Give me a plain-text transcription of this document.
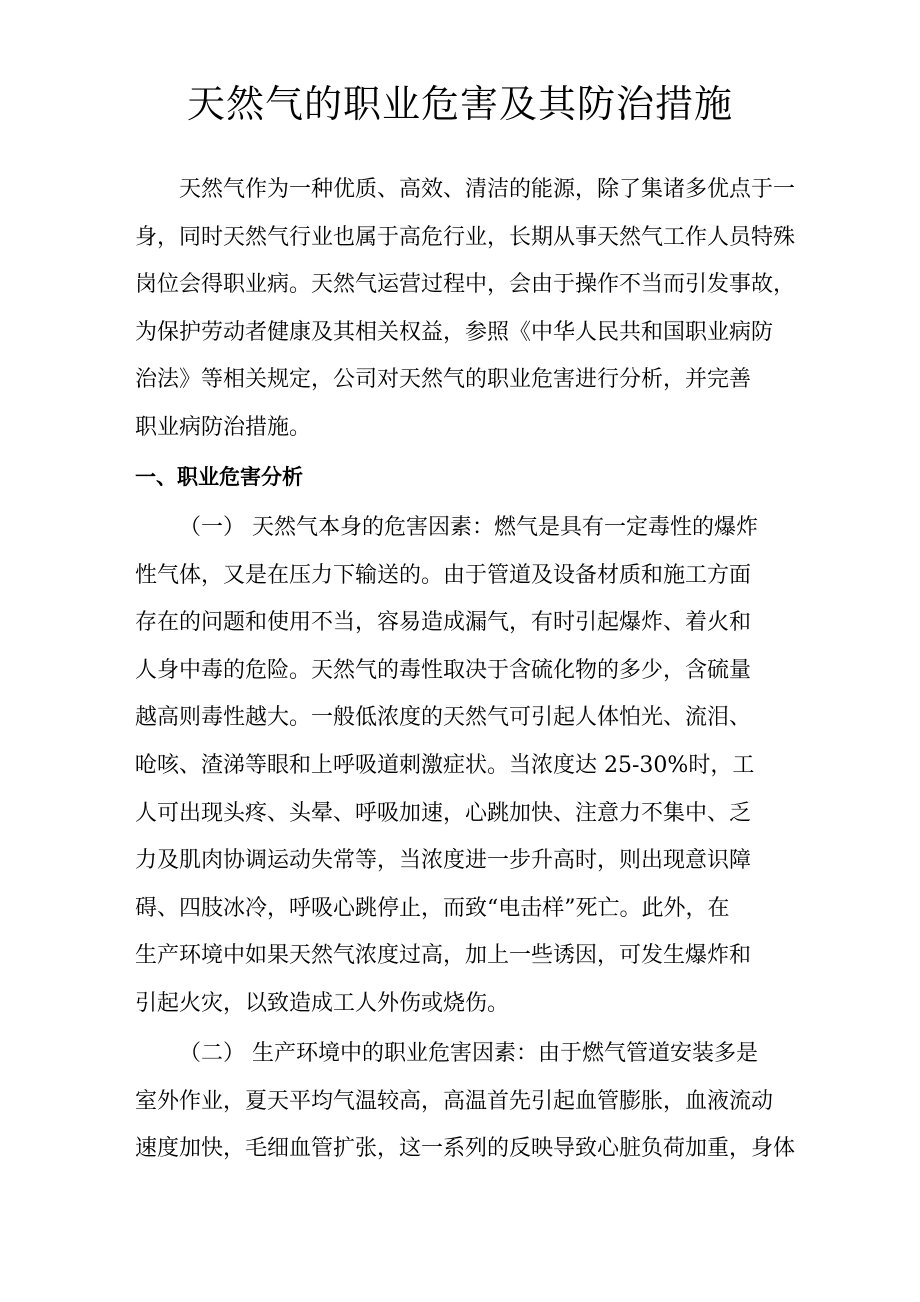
天然气的职业危害及其防治措施
天然气作为一种优质、高效、清洁的能源，除了集诸多优点于一
身，同时天然气行业也属于高危行业，长期从事天然气工作人员特殊
岗位会得职业病。天然气运营过程中，会由于操作不当而引发事故，
为保护劳动者健康及其相关权益，参照《中华人民共和国职业病防
治法》等相关规定，公司对天然气的职业危害进行分析，并完善
职业病防治措施。
一、职业危害分析
（一） 天然气本身的危害因素：燃气是具有一定毒性的爆炸
性气体，又是在压力下输送的。由于管道及设备材质和施工方面
存在的问题和使用不当，容易造成漏气，有时引起爆炸、着火和
人身中毒的危险。天然气的毒性取决于含硫化物的多少，含硫量
越高则毒性越大。一般低浓度的天然气可引起人体怕光、流泪、
呛咳、渣涕等眼和上呼吸道刺激症状。当浓度达 25-30%时，工
人可出现头疼、头晕、呼吸加速，心跳加快、注意力不集中、乏
力及肌肉协调运动失常等，当浓度进一步升高时，则出现意识障
碍、四肢冰冷，呼吸心跳停止，而致“电击样”死亡。此外，在
生产环境中如果天然气浓度过高，加上一些诱因，可发生爆炸和
引起火灾，以致造成工人外伤或烧伤。
（二） 生产环境中的职业危害因素：由于燃气管道安装多是
室外作业，夏天平均气温较高，高温首先引起血管膨胀，血液流动
速度加快，毛细血管扩张，这一系列的反映导致心脏负荷加重，身体
